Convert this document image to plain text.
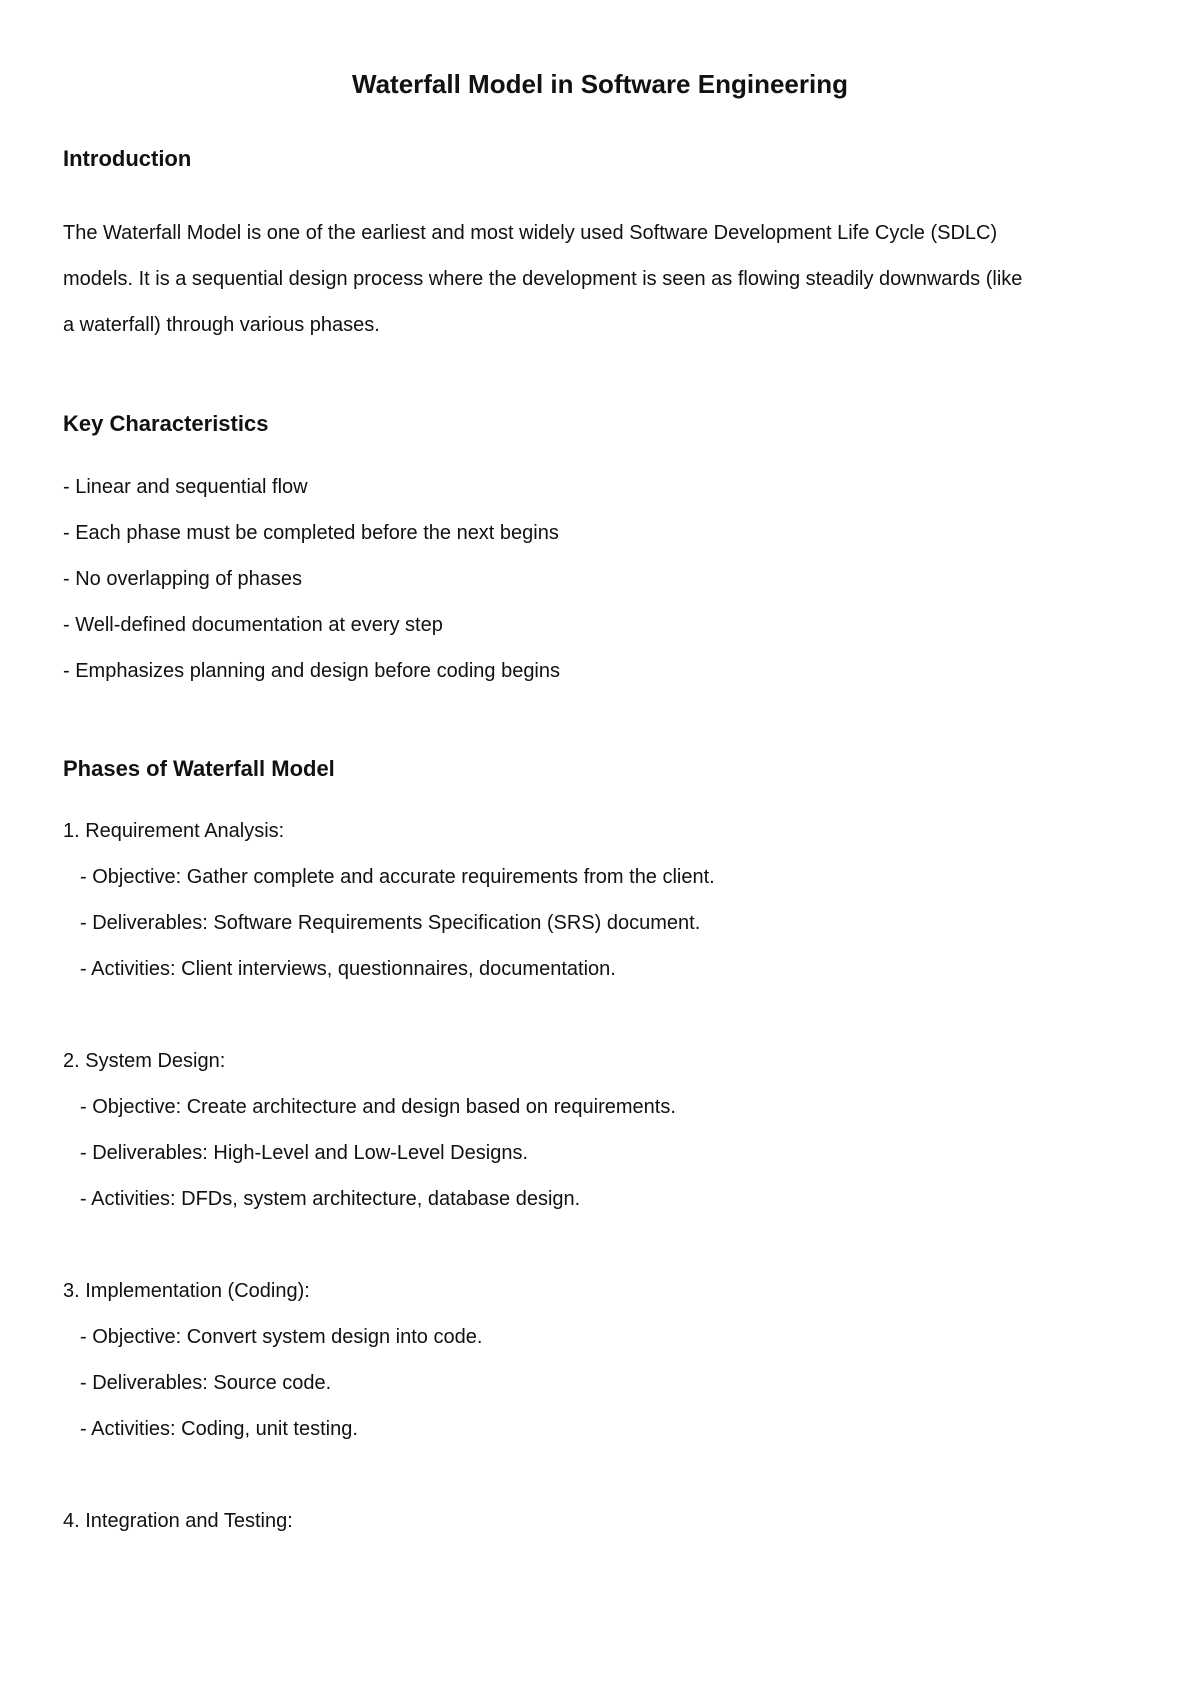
Waterfall Model in Software Engineering
Introduction
The Waterfall Model is one of the earliest and most widely used Software Development Life Cycle (SDLC)
models. It is a sequential design process where the development is seen as flowing steadily downwards (like
a waterfall) through various phases.
Key Characteristics
- Linear and sequential flow
- Each phase must be completed before the next begins
- No overlapping of phases
- Well-defined documentation at every step
- Emphasizes planning and design before coding begins
Phases of Waterfall Model
1. Requirement Analysis:
- Objective: Gather complete and accurate requirements from the client.
- Deliverables: Software Requirements Specification (SRS) document.
- Activities: Client interviews, questionnaires, documentation.
2. System Design:
- Objective: Create architecture and design based on requirements.
- Deliverables: High-Level and Low-Level Designs.
- Activities: DFDs, system architecture, database design.
3. Implementation (Coding):
- Objective: Convert system design into code.
- Deliverables: Source code.
- Activities: Coding, unit testing.
4. Integration and Testing:
